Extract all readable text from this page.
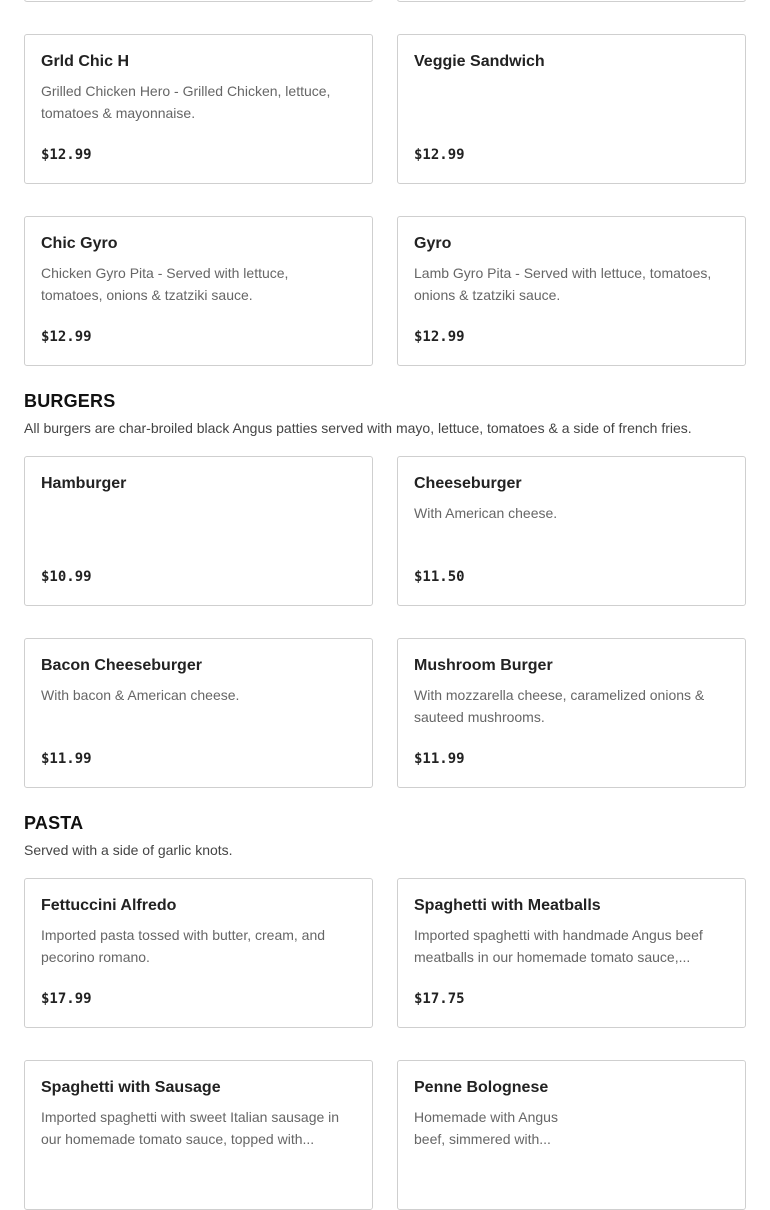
Grld Chic H
Grilled Chicken Hero - Grilled Chicken, lettuce, tomatoes & mayonnaise.
$12.99
Veggie Sandwich
$12.99
Chic Gyro
Chicken Gyro Pita - Served with lettuce, tomatoes, onions & tzatziki sauce.
$12.99
Gyro
Lamb Gyro Pita - Served with lettuce, tomatoes, onions & tzatziki sauce.
$12.99
BURGERS
All burgers are char-broiled black Angus patties served with mayo, lettuce, tomatoes & a side of french fries.
Hamburger
$10.99
Cheeseburger
With American cheese.
$11.50
Bacon Cheeseburger
With bacon & American cheese.
$11.99
Mushroom Burger
With mozzarella cheese, caramelized onions & sauteed mushrooms.
$11.99
PASTA
Served with a side of garlic knots.
Fettuccini Alfredo
Imported pasta tossed with butter, cream, and pecorino romano.
$17.99
Spaghetti with Meatballs
Imported spaghetti with handmade Angus beef meatballs in our homemade tomato sauce,...
$17.75
Spaghetti with Sausage
Imported spaghetti with sweet Italian sausage in our homemade tomato sauce, topped with...
Penne Bolognese
Homemade with Angus
beef, simmered with...
